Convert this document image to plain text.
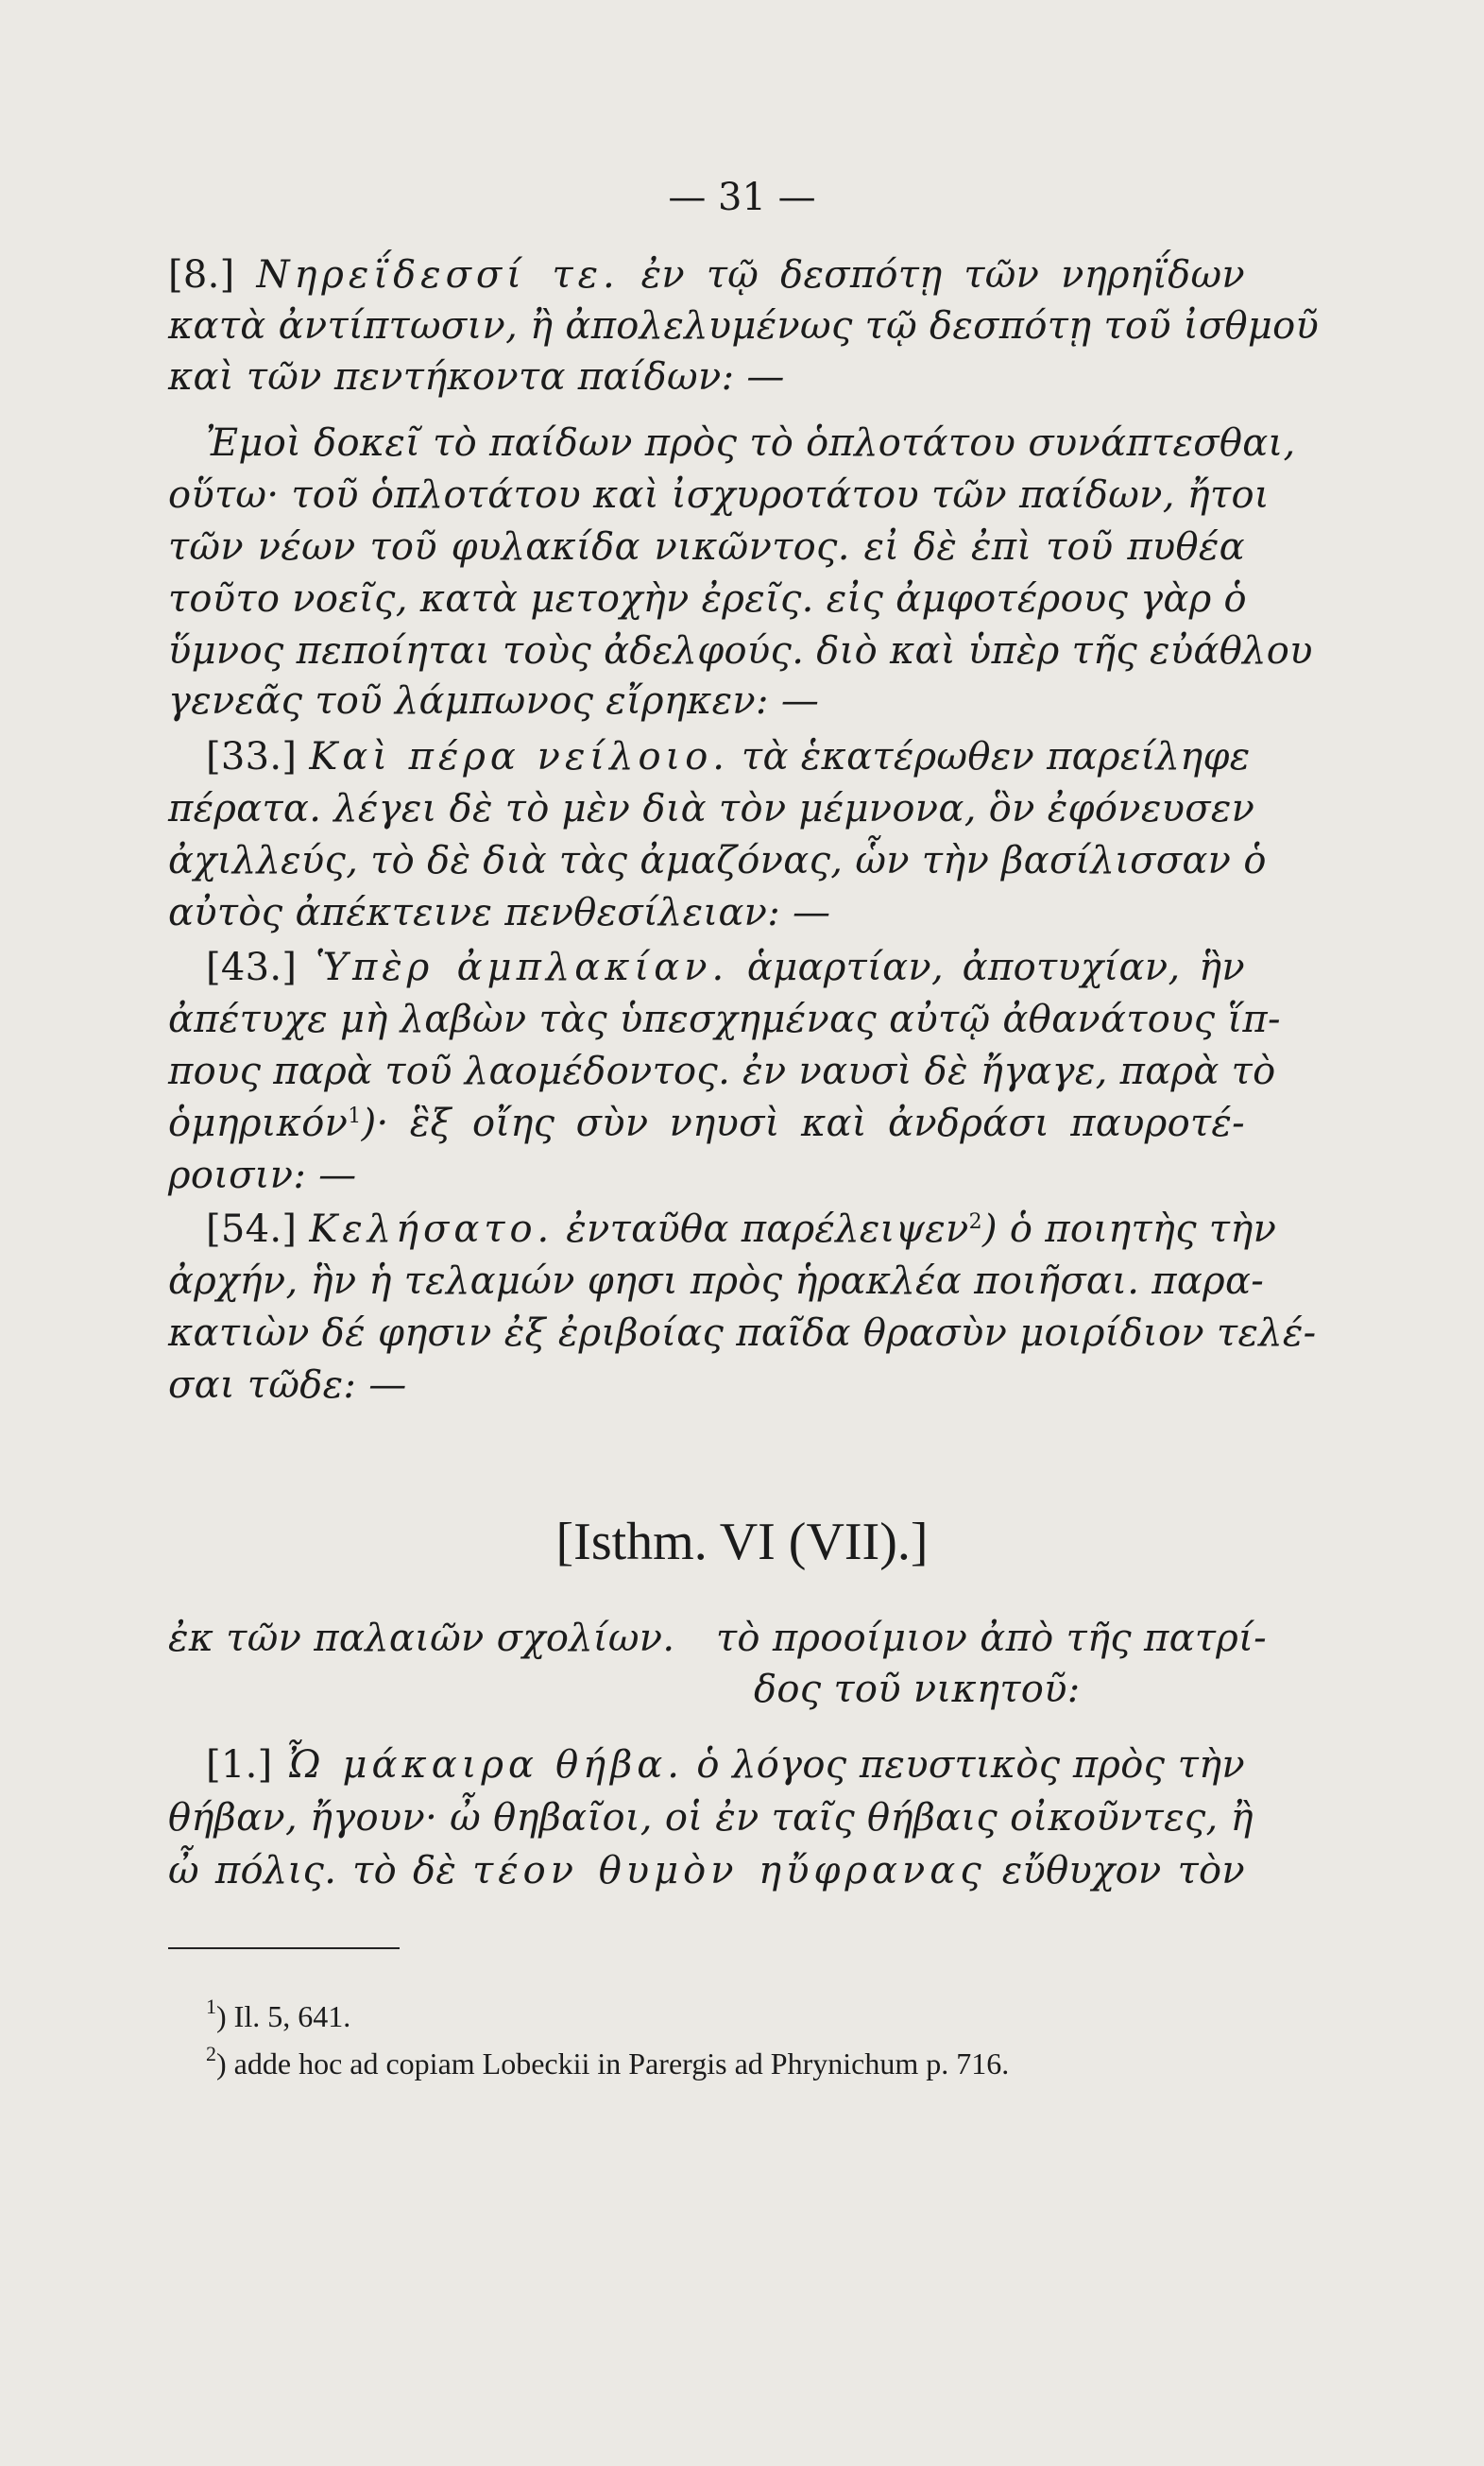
— 31 —
[8.] Νηρεΐδεσσί τε. ἐν τῷ δεσπότῃ τῶν νηρηΐδων
κατὰ ἀντίπτωσιν, ἢ ἀπολελυμένως τῷ δεσπότῃ τοῦ ἰσθμοῦ
καὶ τῶν πεντήκοντα παίδων: —
Ἐμοὶ δοκεῖ τὸ παίδων πρὸς τὸ ὁπλοτάτου συνάπτεσθαι,
οὕτω· τοῦ ὁπλοτάτου καὶ ἰσχυροτάτου τῶν παίδων, ἤτοι
τῶν νέων τοῦ φυλακίδα νικῶντος. εἰ δὲ ἐπὶ τοῦ πυθέα
τοῦτο νοεῖς, κατὰ μετοχὴν ἐρεῖς. εἰς ἀμφοτέρους γὰρ ὁ
ὕμνος πεποίηται τοὺς ἀδελφούς. διὸ καὶ ὑπὲρ τῆς εὐάθλου
γενεᾶς τοῦ λάμπωνος εἴρηκεν: —
[33.] Καὶ πέρα νείλοιο. τὰ ἑκατέρωθεν παρείληφε
πέρατα. λέγει δὲ τὸ μὲν διὰ τὸν μέμνονα, ὃν ἐφόνευσεν
ἀχιλλεύς, τὸ δὲ διὰ τὰς ἀμαζόνας, ὧν τὴν βασίλισσαν ὁ
αὐτὸς ἀπέκτεινε πενθεσίλειαν: —
[43.] Ὑπὲρ ἀμπλακίαν. ἁμαρτίαν, ἀποτυχίαν, ἣν
ἀπέτυχε μὴ λαβὼν τὰς ὑπεσχημένας αὐτῷ ἀθανάτους ἵπ-
πους παρὰ τοῦ λαομέδοντος. ἐν ναυσὶ δὲ ἤγαγε, παρὰ τὸ
ὁμηρικόν$^1$)· ἓξ οἴης σὺν νηυσὶ καὶ ἀνδράσι παυροτέ-
ροισιν: —
[54.] Κελήσατο. ἐνταῦθα παρέλειψεν$^2$) ὁ ποιητὴς τὴν
ἀρχήν, ἣν ἡ τελαμών φησι πρὸς ἡρακλέα ποιῆσαι. παρα-
κατιὼν δέ φησιν ἐξ ἐριβοίας παῖδα θρασὺν μοιρίδιον τελέ-
σαι τῶδε: —
[Isthm. VI (VII).]
ἐκ τῶν παλαιῶν σχολίων.	τὸ προοίμιον ἀπὸ τῆς πατρί-
δος τοῦ νικητοῦ:
[1.] Ὦ μάκαιρα θήβα. ὁ λόγος πευστικὸς πρὸς τὴν
θήβαν, ἤγουν· ὦ θηβαῖοι, οἱ ἐν ταῖς θήβαις οἰκοῦντες, ἢ
ὦ πόλις. τὸ δὲ τέον θυμὸν ηὔφρανας εὔθυχον τὸν
$^1$) Il. 5, 641.
$^2$) adde hoc ad copiam Lobeckii in Parergis ad Phrynichum p. 716.
